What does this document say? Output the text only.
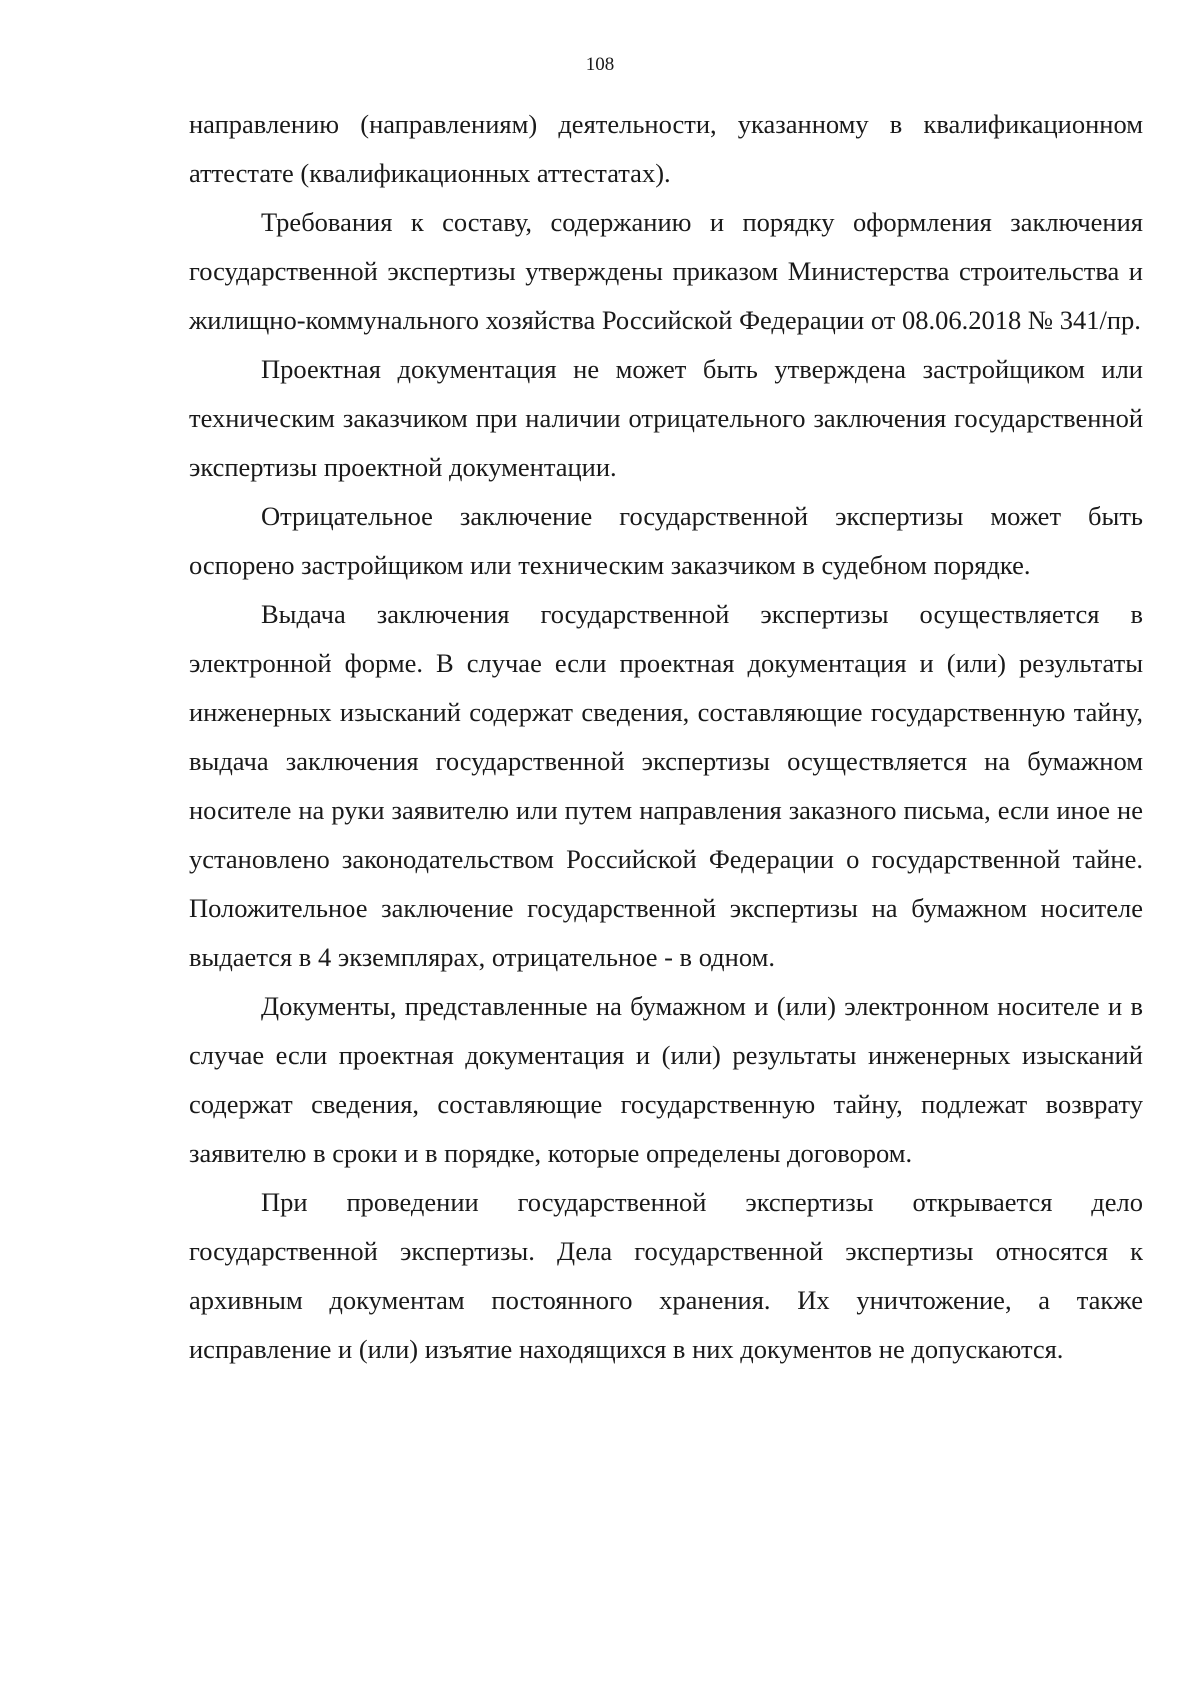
108

направлению (направлениям) деятельности, указанному в квалификационном аттестате (квалификационных аттестатах).

Требования к составу, содержанию и порядку оформления заключения государственной экспертизы утверждены приказом Министерства строительства и жилищно-коммунального хозяйства Российской Федерации от 08.06.2018 № 341/пр.

Проектная документация не может быть утверждена застройщиком или техническим заказчиком при наличии отрицательного заключения государственной экспертизы проектной документации.

Отрицательное заключение государственной экспертизы может быть оспорено застройщиком или техническим заказчиком в судебном порядке.

Выдача заключения государственной экспертизы осуществляется в электронной форме. В случае если проектная документация и (или) результаты инженерных изысканий содержат сведения, составляющие государственную тайну, выдача заключения государственной экспертизы осуществляется на бумажном носителе на руки заявителю или путем направления заказного письма, если иное не установлено законодательством Российской Федерации о государственной тайне. Положительное заключение государственной экспертизы на бумажном носителе выдается в 4 экземплярах, отрицательное - в одном.

Документы, представленные на бумажном и (или) электронном носителе и в случае если проектная документация и (или) результаты инженерных изысканий содержат сведения, составляющие государственную тайну, подлежат возврату заявителю в сроки и в порядке, которые определены договором.

При проведении государственной экспертизы открывается дело государственной экспертизы. Дела государственной экспертизы относятся к архивным документам постоянного хранения. Их уничтожение, а также исправление и (или) изъятие находящихся в них документов не допускаются.
